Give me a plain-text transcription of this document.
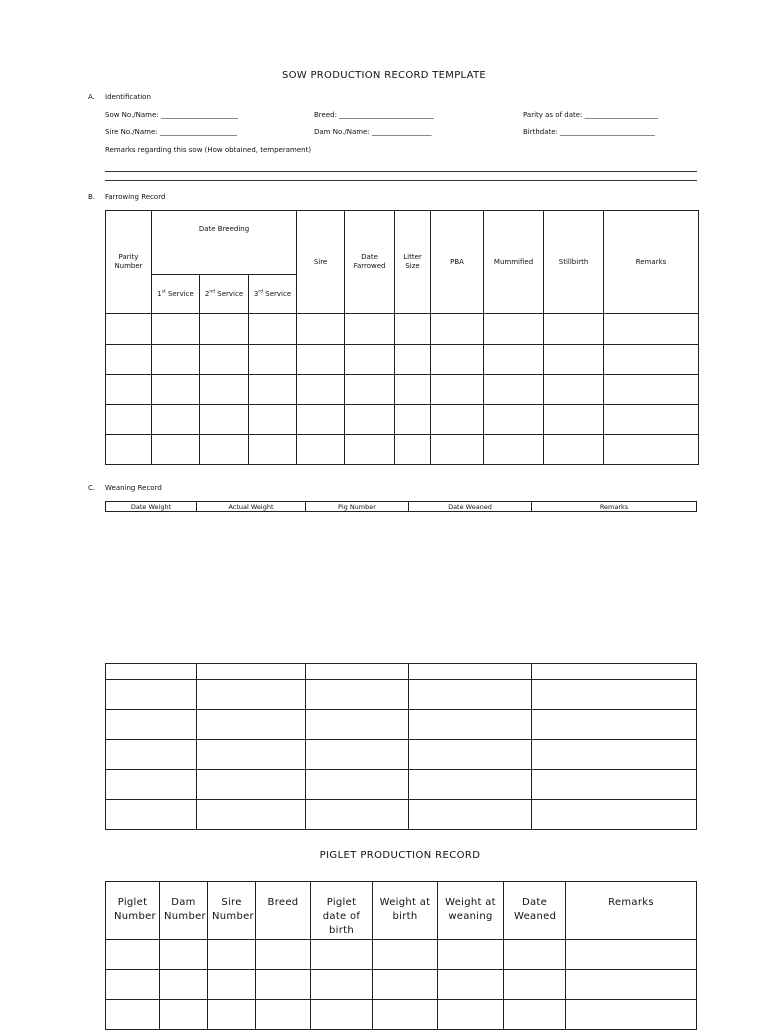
SOW PRODUCTION RECORD TEMPLATE
A. Identification
Sow No./Name: ______________________	Breed: ___________________________	Parity as of date: _____________________
Sire No./Name: ______________________	Dam No./Name: _________________	Birthdate: ___________________________
Remarks regarding this sow (How obtained, temperament)
B. Farrowing Record
Parity Number	Date Breeding			Sire	Date Farrowed	Litter Size	PBA	Mummified	Stillbirth	Remarks
	1st Service	2nd Service	3rd Service							

C. Weaning Record
Date Weight	Actual Weight	Pig Number	Date Weaned	Remarks

PIGLET PRODUCTION RECORD
Piglet Number	Dam Number	Sire Number	Breed	Piglet date of birth	Weight at birth	Weight at weaning	Date Weaned	Remarks
